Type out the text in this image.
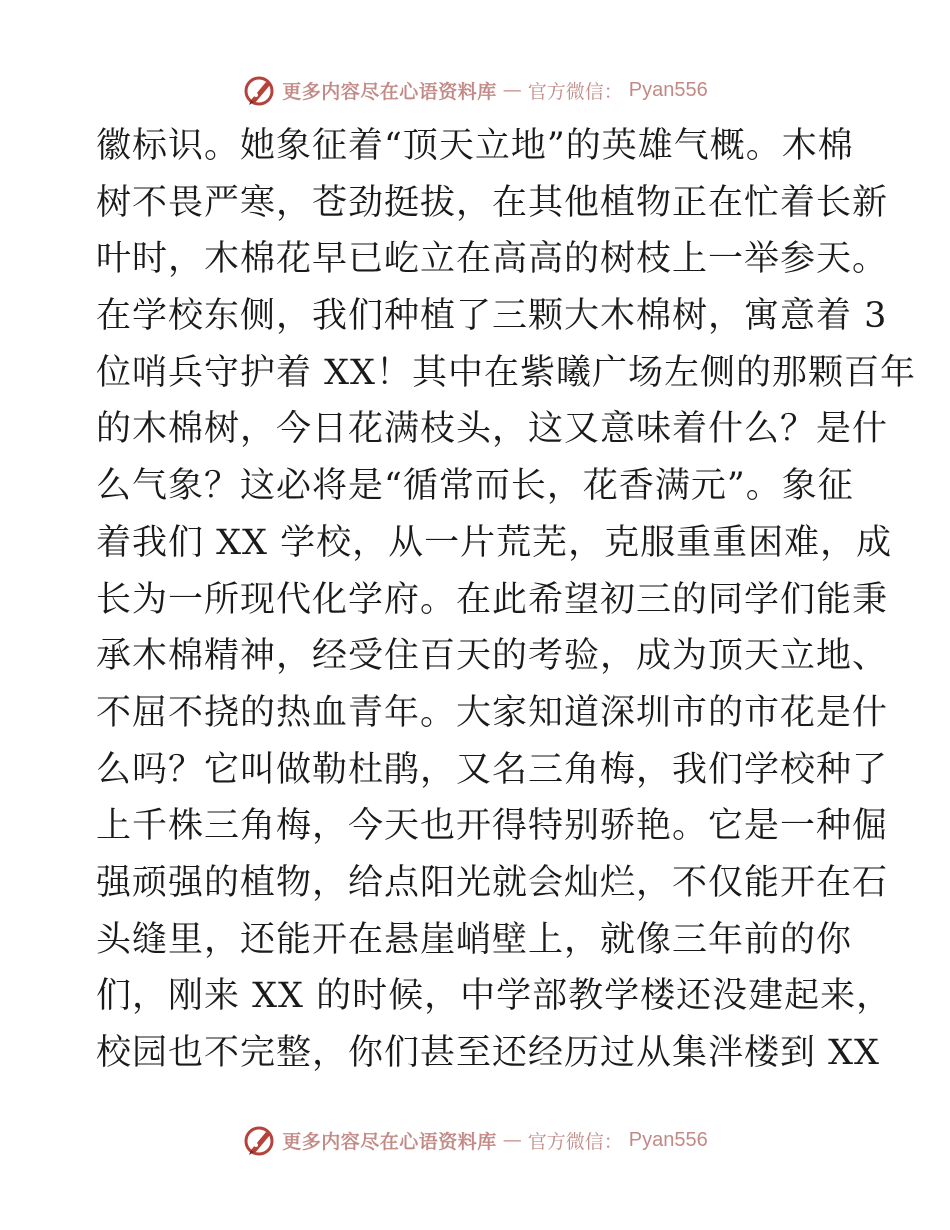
更多内容尽在心语资料库 — 官方微信： Pyan556
徽标识。她象征着“顶天立地”的英雄气概。木棉
树不畏严寒，苍劲挺拔，在其他植物正在忙着长新
叶时，木棉花早已屹立在高高的树枝上一举参天。
在学校东侧，我们种植了三颗大木棉树，寓意着 3
位哨兵守护着 XX！其中在紫曦广场左侧的那颗百年
的木棉树，今日花满枝头，这又意味着什么？是什
么气象？这必将是“循常而长，花香满元”。象征
着我们 XX 学校，从一片荒芜，克服重重困难，成
长为一所现代化学府。在此希望初三的同学们能秉
承木棉精神，经受住百天的考验，成为顶天立地、
不屈不挠的热血青年。大家知道深圳市的市花是什
么吗？它叫做勒杜鹃，又名三角梅，我们学校种了
上千株三角梅，今天也开得特别骄艳。它是一种倔
强顽强的植物，给点阳光就会灿烂，不仅能开在石
头缝里，还能开在悬崖峭壁上，就像三年前的你
们，刚来 XX 的时候，中学部教学楼还没建起来，
校园也不完整，你们甚至还经历过从集泮楼到 XX
更多内容尽在心语资料库 — 官方微信： Pyan556
